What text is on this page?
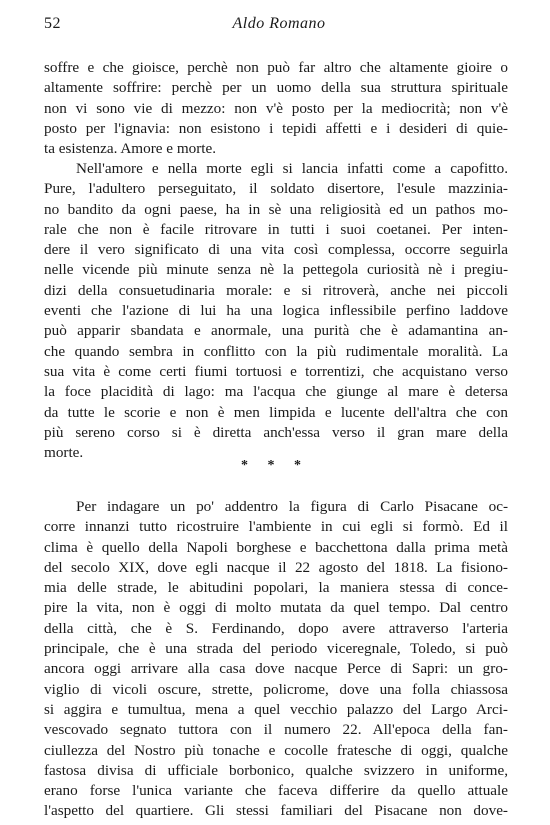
52	Aldo Romano
soffre e che gioisce, perchè non può far altro che altamente gioire o
altamente soffrire: perchè per un uomo della sua struttura spirituale
non vi sono vie di mezzo: non v'è posto per la mediocrità; non v'è
posto per l'ignavia: non esistono i tepidi affetti e i desideri di quie-
ta esistenza. Amore e morte.
Nell'amore e nella morte egli si lancia infatti come a capofitto.
Pure, l'adultero perseguitato, il soldato disertore, l'esule mazzinia-
no bandito da ogni paese, ha in sè una religiosità ed un pathos mo-
rale che non è facile ritrovare in tutti i suoi coetanei. Per inten-
dere il vero significato di una vita così complessa, occorre seguirla
nelle vicende più minute senza nè la pettegola curiosità nè i pregiu-
dizi della consuetudinaria morale: e si ritroverà, anche nei piccoli
eventi che l'azione di lui ha una logica inflessibile perfino laddove
può apparir sbandata e anormale, una purità che è adamantina an-
che quando sembra in conflitto con la più rudimentale moralità. La
sua vita è come certi fiumi tortuosi e torrentizi, che acquistano verso
la foce placidità di lago: ma l'acqua che giunge al mare è detersa
da tutte le scorie e non è men limpida e lucente dell'altra che con
più sereno corso si è diretta anch'essa verso il gran mare della
morte.
* * *
Per indagare un po' addentro la figura di Carlo Pisacane oc-
corre innanzi tutto ricostruire l'ambiente in cui egli si formò. Ed il
clima è quello della Napoli borghese e bacchettona dalla prima metà
del secolo XIX, dove egli nacque il 22 agosto del 1818. La fisiono-
mia delle strade, le abitudini popolari, la maniera stessa di conce-
pire la vita, non è oggi di molto mutata da quel tempo. Dal centro
della città, che è S. Ferdinando, dopo avere attraverso l'arteria
principale, che è una strada del periodo viceregnale, Toledo, si può
ancora oggi arrivare alla casa dove nacque Perce di Sapri: un gro-
viglio di vicoli oscure, strette, policrome, dove una folla chiassosa
si aggira e tumultua, mena a quel vecchio palazzo del Largo Arci-
vescovado segnato tuttora con il numero 22. All'epoca della fan-
ciullezza del Nostro più tonache e cocolle fratesche di oggi, qualche
fastosa divisa di ufficiale borbonico, qualche svizzero in uniforme,
erano forse l'unica variante che faceva differire da quello attuale
l'aspetto del quartiere. Gli stessi familiari del Pisacane non dove-
